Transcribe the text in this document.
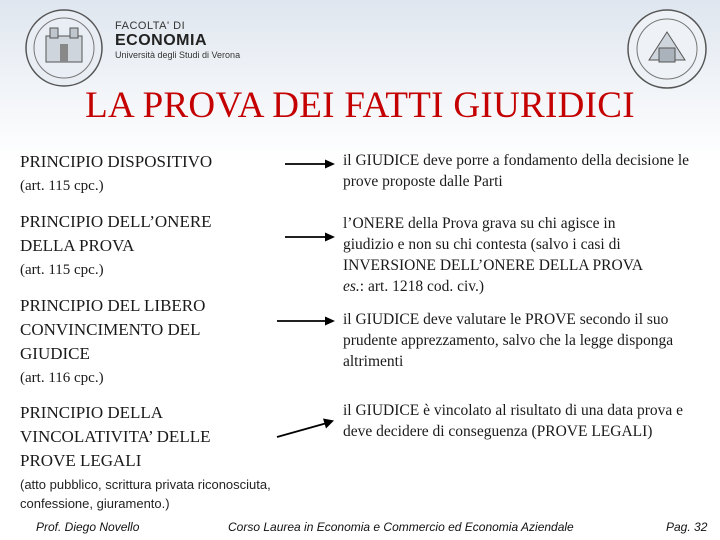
FACOLTA' DI
ECONOMIA
Università degli Studi di Verona
LA PROVA DEI FATTI GIURIDICI
PRINCIPIO DISPOSITIVO
(art. 115 cpc.)
il GIUDICE deve porre a fondamento della decisione le prove proposte dalle Parti
PRINCIPIO DELL’ONERE
DELLA PROVA
(art. 115 cpc.)
l’ONERE della Prova grava su chi agisce in
giudizio e non su chi contesta (salvo i casi di
INVERSIONE DELL’ONERE DELLA PROVA
es.: art. 1218 cod. civ.)
PRINCIPIO DEL LIBERO
CONVINCIMENTO DEL
GIUDICE
(art. 116 cpc.)
il GIUDICE deve valutare le PROVE secondo il suo prudente apprezzamento, salvo che la legge disponga altrimenti
PRINCIPIO DELLA
VINCOLATIVITA’ DELLE
PROVE LEGALI
(atto pubblico, scrittura privata riconosciuta, confessione, giuramento.)
il GIUDICE è vincolato al risultato di una data prova e deve decidere di conseguenza (PROVE LEGALI)
Prof. Diego Novello	Corso Laurea in Economia e Commercio ed Economia Aziendale	Pag. 32
